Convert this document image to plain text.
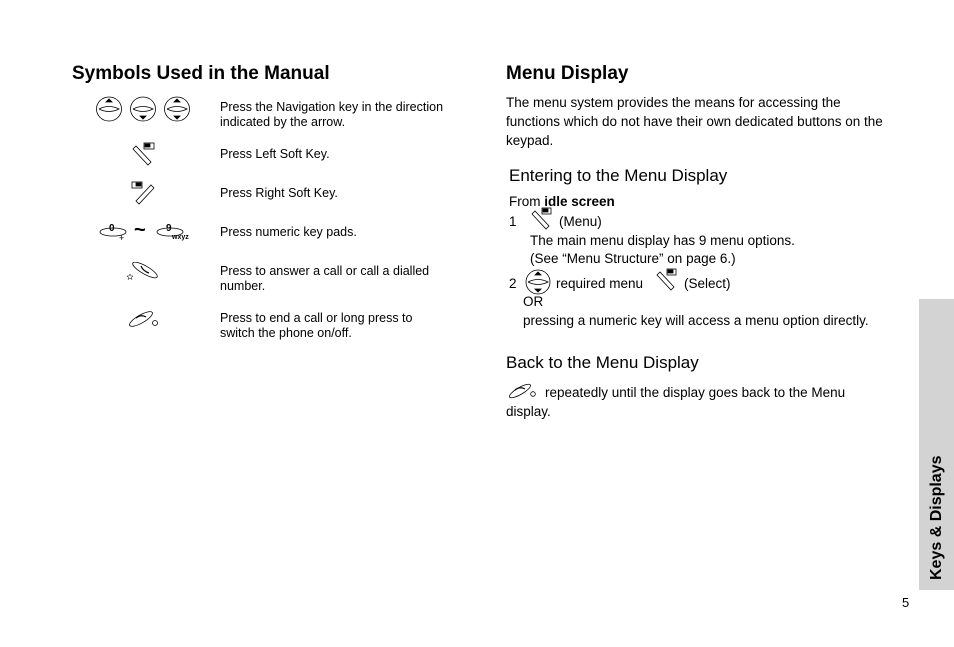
Symbols Used in the Manual
Press the Navigation key in the direction indicated by the arrow.
Press Left Soft Key.
Press Right Soft Key.
0
+ ~ 9
wxyz	Press numeric key pads.
Press to answer a call or call a dialled number.
Press to end a call or long press to switch the phone on/off.
Menu Display
The menu system provides the means for accessing the functions which do not have their own dedicated buttons on the keypad.
Entering to the Menu Display
From idle screen
1	(Menu)
The main menu display has 9 menu options.
(See “Menu Structure” on page 6.)
2	required menu	(Select)
OR
pressing a numeric key will access a menu option directly.
Back to the Menu Display
repeatedly until the display goes back to the Menu display.
Keys & Displays
5
